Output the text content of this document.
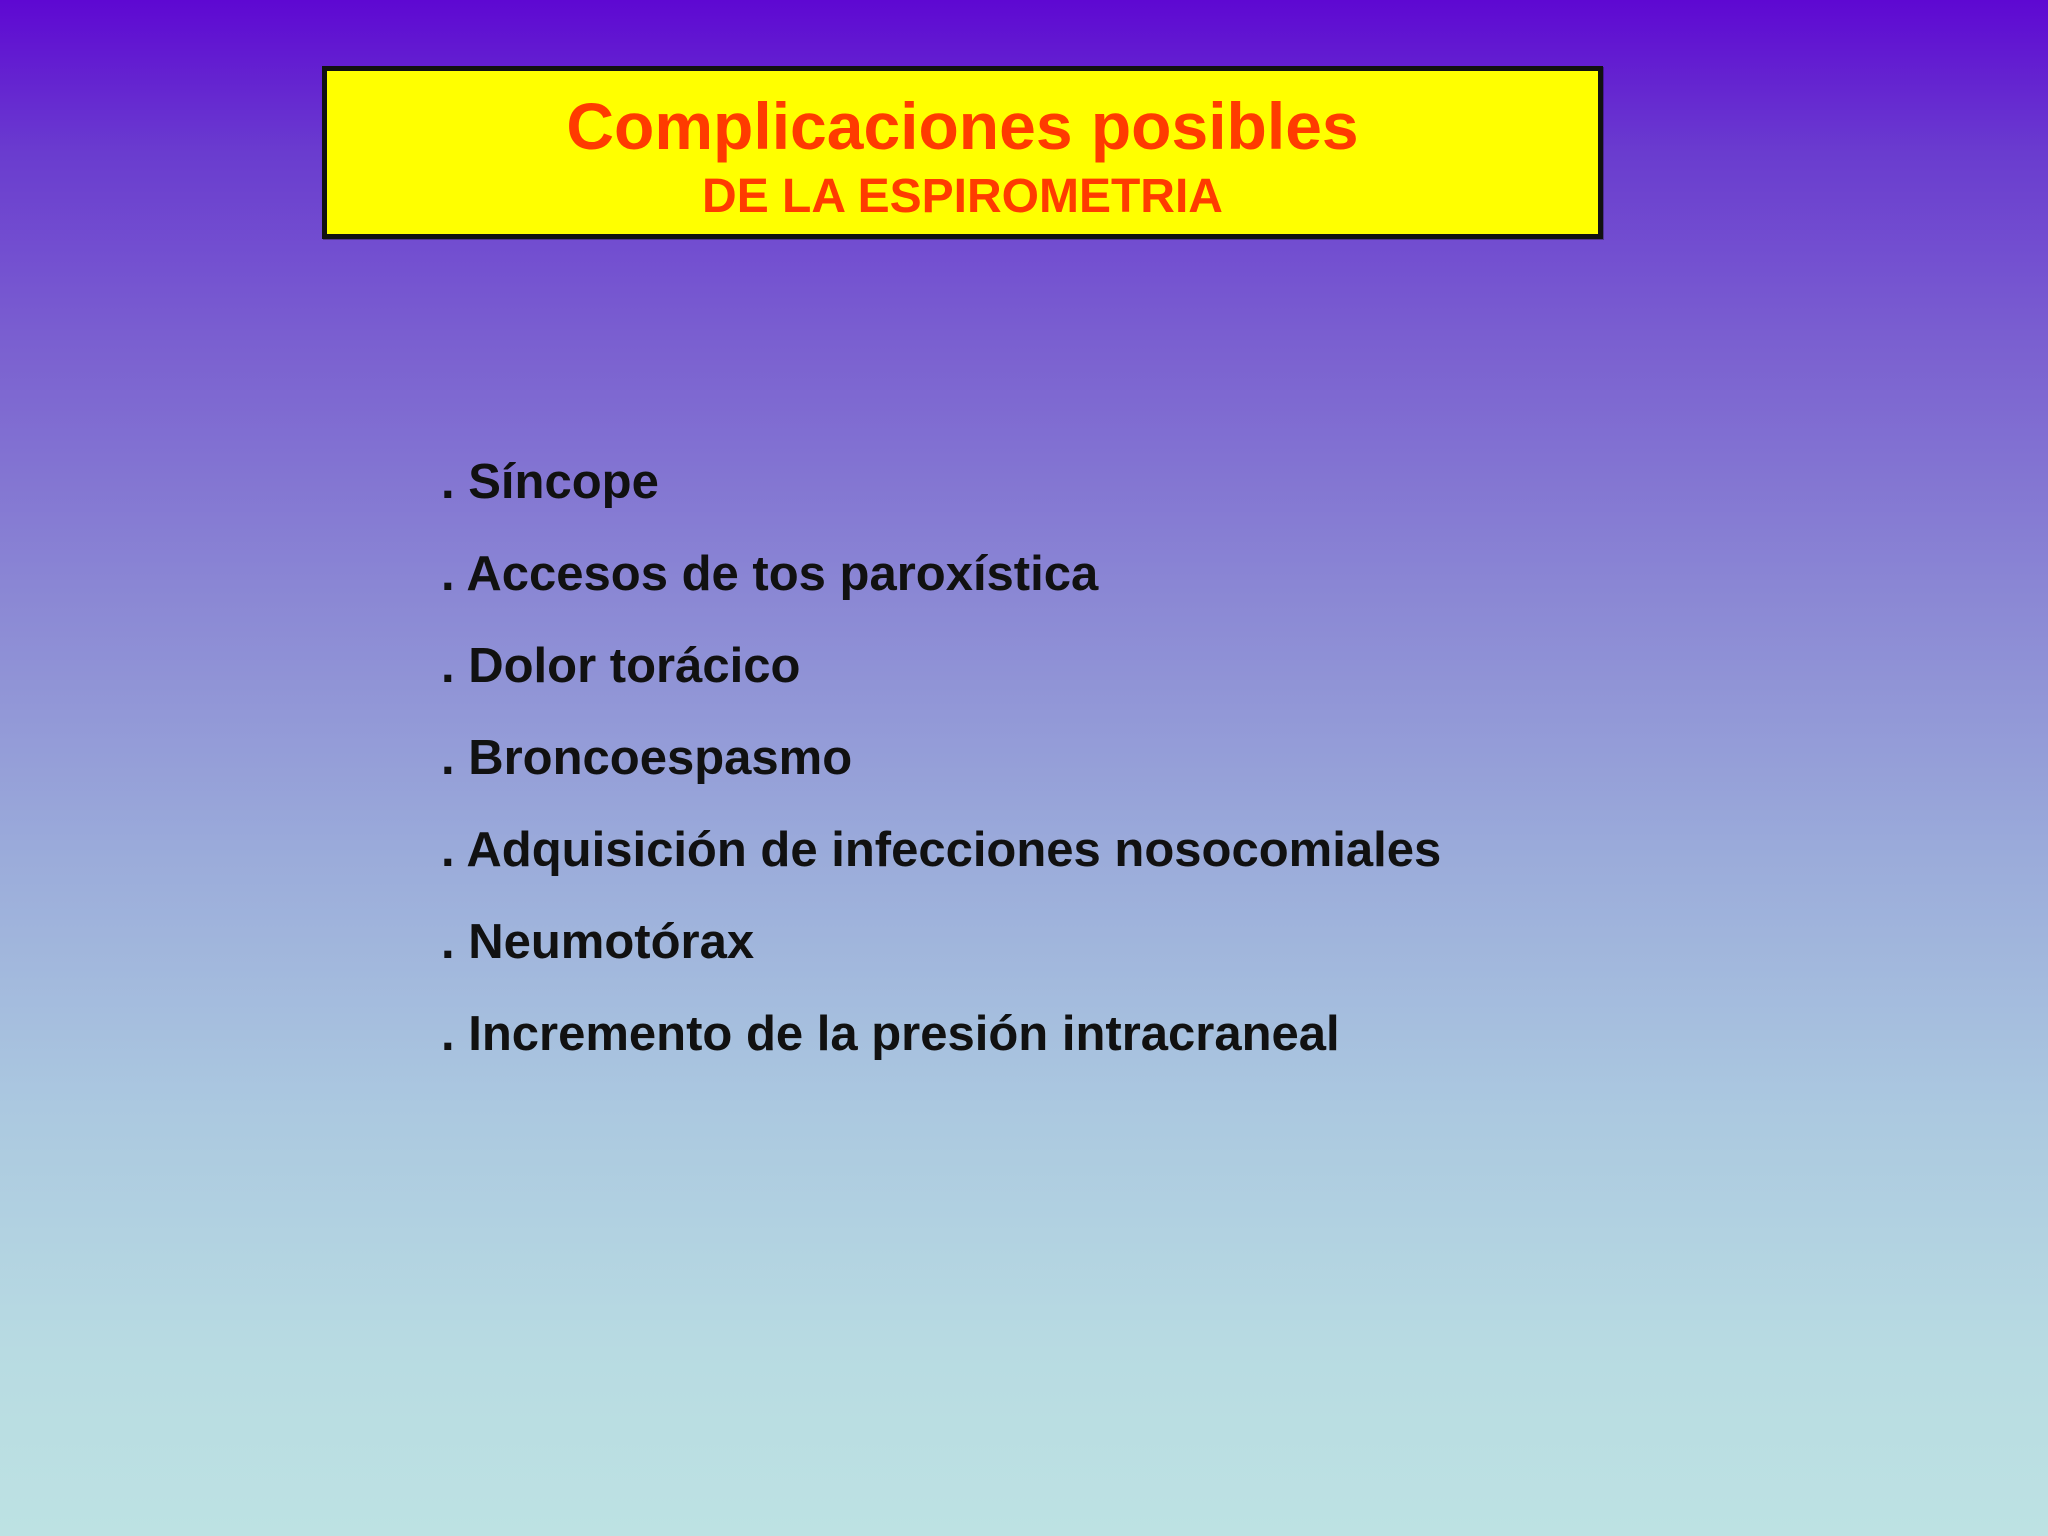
Complicaciones posibles
DE LA ESPIROMETRIA
. Síncope
. Accesos de tos paroxística
. Dolor torácico
. Broncoespasmo
. Adquisición de infecciones nosocomiales
. Neumotórax
. Incremento de la presión intracraneal
